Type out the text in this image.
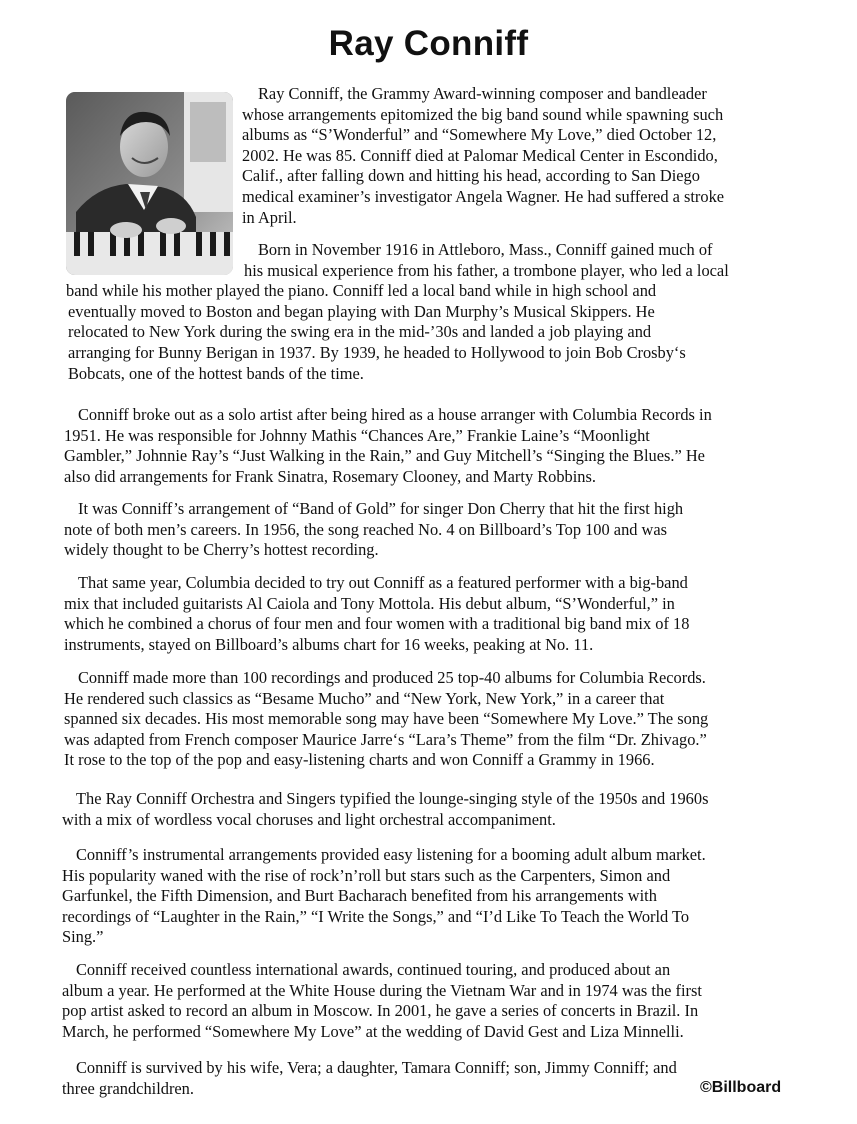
Ray Conniff
Ray Conniff, the Grammy Award-winning composer and bandleader
whose arrangements epitomized the big band sound while spawning such
albums as “S’Wonderful” and “Somewhere My Love,” died October 12,
2002. He was 85. Conniff died at Palomar Medical Center in Escondido,
Calif., after falling down and hitting his head, according to San Diego
medical examiner’s investigator Angela Wagner. He had suffered a stroke
in April.
Born in November 1916 in Attleboro, Mass., Conniff gained much of
his musical experience from his father, a trombone player, who led a local
band while his mother played the piano. Conniff led a local band while in high school and
eventually moved to Boston and began playing with Dan Murphy’s Musical Skippers. He
relocated to New York during the swing era in the mid-’30s and landed a job playing and
arranging for Bunny Berigan in 1937. By 1939, he headed to Hollywood to join Bob Crosby‘s
Bobcats, one of the hottest bands of the time.
Conniff broke out as a solo artist after being hired as a house arranger with Columbia Records in
1951. He was responsible for Johnny Mathis “Chances Are,” Frankie Laine’s “Moonlight
Gambler,” Johnnie Ray’s “Just Walking in the Rain,” and Guy Mitchell’s “Singing the Blues.” He
also did arrangements for Frank Sinatra, Rosemary Clooney, and Marty Robbins.
It was Conniff’s arrangement of “Band of Gold” for singer Don Cherry that hit the first high
note of both men’s careers. In 1956, the song reached No. 4 on Billboard’s Top 100 and was
widely thought to be Cherry’s hottest recording.
That same year, Columbia decided to try out Conniff as a featured performer with a big-band
mix that included guitarists Al Caiola and Tony Mottola. His debut album, “S’Wonderful,” in
which he combined a chorus of four men and four women with a traditional big band mix of 18
instruments, stayed on Billboard’s albums chart for 16 weeks, peaking at No. 11.
Conniff made more than 100 recordings and produced 25 top-40 albums for Columbia Records.
He rendered such classics as “Besame Mucho” and “New York, New York,” in a career that
spanned six decades. His most memorable song may have been “Somewhere My Love.” The song
was adapted from French composer Maurice Jarre‘s “Lara’s Theme” from the film “Dr. Zhivago.”
It rose to the top of the pop and easy-listening charts and won Conniff a Grammy in 1966.
The Ray Conniff Orchestra and Singers typified the lounge-singing style of the 1950s and 1960s
with a mix of wordless vocal choruses and light orchestral accompaniment.
Conniff’s instrumental arrangements provided easy listening for a booming adult album market.
His popularity waned with the rise of rock’n’roll but stars such as the Carpenters, Simon and
Garfunkel, the Fifth Dimension, and Burt Bacharach benefited from his arrangements with
recordings of “Laughter in the Rain,” “I Write the Songs,” and “I’d Like To Teach the World To
Sing.”
Conniff received countless international awards, continued touring, and produced about an
album a year. He performed at the White House during the Vietnam War and in 1974 was the first
pop artist asked to record an album in Moscow. In 2001, he gave a series of concerts in Brazil. In
March, he performed “Somewhere My Love” at the wedding of David Gest and Liza Minnelli.
Conniff is survived by his wife, Vera; a daughter, Tamara Conniff; son, Jimmy Conniff; and
three grandchildren.	©Billboard
